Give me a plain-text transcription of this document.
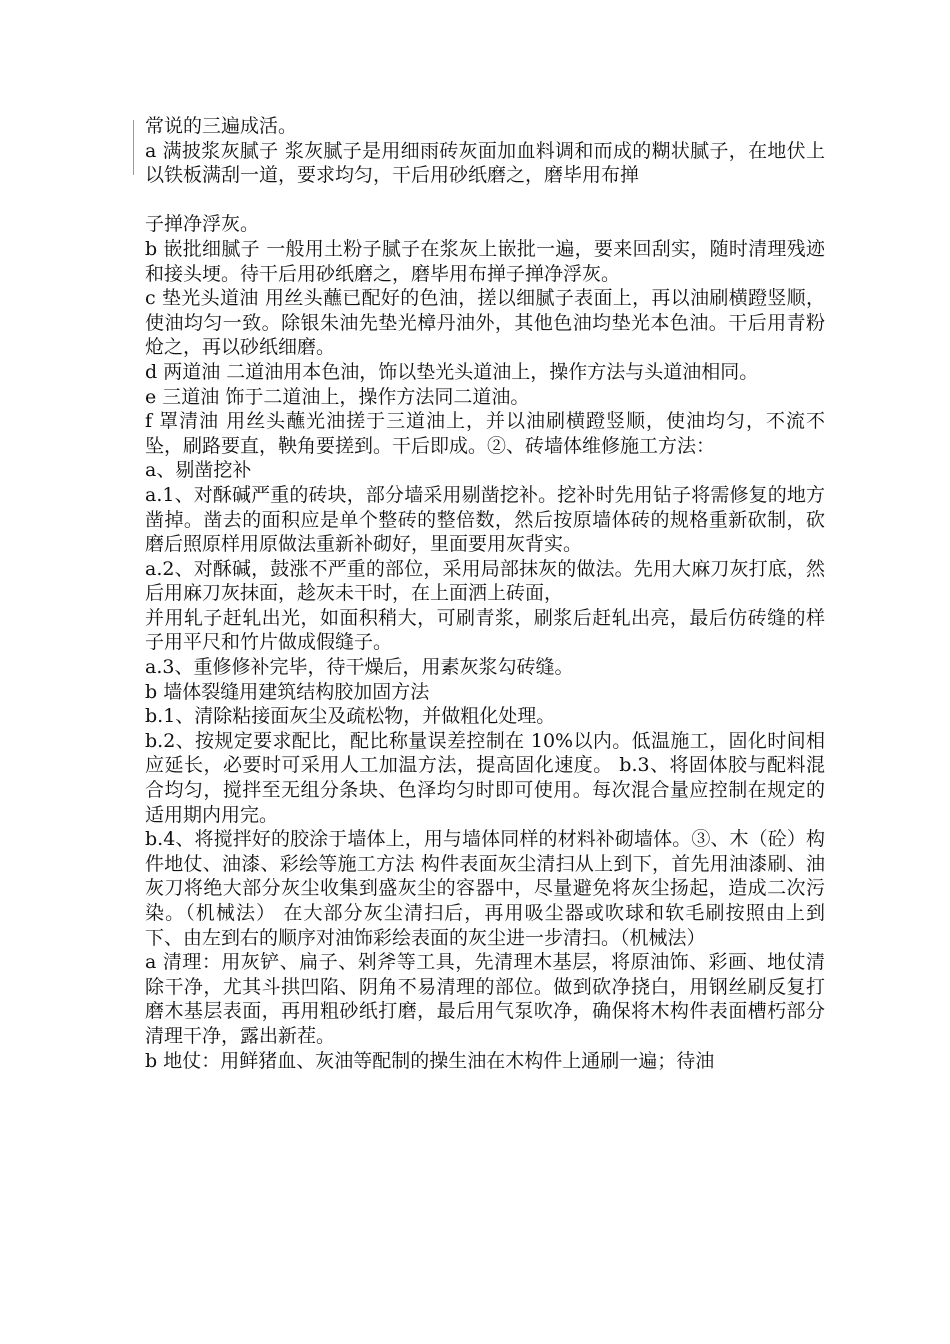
常说的三遍成活。

a 满披浆灰腻子 浆灰腻子是用细雨砖灰面加血料调和而成的糊状腻子，在地伏上以铁板满刮一道，要求均匀，干后用砂纸磨之，磨毕用布掸

子掸净浮灰。

b 嵌批细腻子 一般用土粉子腻子在浆灰上嵌批一遍，要来回刮实，随时清理残迹和接头埂。待干后用砂纸磨之，磨毕用布掸子掸净浮灰。

c 垫光头道油 用丝头蘸已配好的色油，搓以细腻子表面上，再以油刷横蹬竖顺，使油均匀一致。除银朱油先垫光樟丹油外，其他色油均垫光本色油。干后用青粉炝之，再以砂纸细磨。

d 两道油 二道油用本色油，饰以垫光头道油上，操作方法与头道油相同。

e 三道油 饰于二道油上，操作方法同二道油。

f 罩清油 用丝头蘸光油搓于三道油上，并以油刷横蹬竖顺，使油均匀，不流不坠，刷路要直，鞅角要搓到。干后即成。②、砖墙体维修施工方法：

a、剔凿挖补

a.1、对酥碱严重的砖块，部分墙采用剔凿挖补。挖补时先用钻子将需修复的地方凿掉。凿去的面积应是单个整砖的整倍数，然后按原墙体砖的规格重新砍制，砍磨后照原样用原做法重新补砌好，里面要用灰背实。

a.2、对酥碱，鼓涨不严重的部位，采用局部抹灰的做法。先用大麻刀灰打底，然后用麻刀灰抹面，趁灰未干时，在上面洒上砖面，

并用轧子赶轧出光，如面积稍大，可刷青浆，刷浆后赶轧出亮，最后仿砖缝的样子用平尺和竹片做成假缝子。

a.3、重修修补完毕，待干燥后，用素灰浆勾砖缝。

b 墙体裂缝用建筑结构胶加固方法

b.1、清除粘接面灰尘及疏松物，并做粗化处理。

b.2、按规定要求配比，配比称量误差控制在 10%以内。低温施工，固化时间相应延长，必要时可采用人工加温方法，提高固化速度。 b.3、将固体胶与配料混合均匀，搅拌至无组分条块、色泽均匀时即可使用。每次混合量应控制在规定的适用期内用完。

b.4、将搅拌好的胶涂于墙体上，用与墙体同样的材料补砌墙体。③、木（砼）构件地仗、油漆、彩绘等施工方法 构件表面灰尘清扫从上到下，首先用油漆刷、油灰刀将绝大部分灰尘收集到盛灰尘的容器中，尽量避免将灰尘扬起，造成二次污染。（机械法） 在大部分灰尘清扫后，再用吸尘器或吹球和软毛刷按照由上到下、由左到右的顺序对油饰彩绘表面的灰尘进一步清扫。（机械法）

a 清理：用灰铲、扁子、剁斧等工具，先清理木基层，将原油饰、彩画、地仗清除干净，尤其斗拱凹陷、阴角不易清理的部位。做到砍净挠白，用钢丝刷反复打磨木基层表面，再用粗砂纸打磨，最后用气泵吹净，确保将木构件表面槽朽部分清理干净，露出新茬。

b 地仗：用鲜猪血、灰油等配制的操生油在木构件上通刷一遍；待油
